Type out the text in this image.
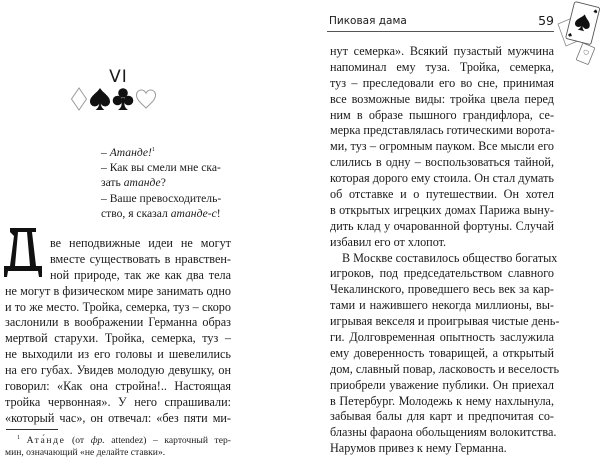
VI
– Атанде!$^1$
– Как вы смели мне ска-
зать атанде?
– Ваше превосходитель-
ство, я сказал атанде-с!
ве неподвижные идеи не могут
вместе существовать в нравствен-
ной природе, так же как два тела
не могут в физическом мире занимать одно
и то же место. Тройка, семерка, туз – скоро
заслонили в воображении Германна образ
мертвой старухи. Тройка, семерка, туз –
не выходили из его головы и шевелились
на его губах. Увидев молодую девушку, он
говорил: «Как она стройна!.. Настоящая
тройка червонная». У него спрашивали:
«который час», он отвечал: «без пяти ми-
$^1$ Ата́нде (от фр. attendez) – карточный тер-
мин, означающий «не делайте ставки».
Пиковая дама	59
нут семерка». Всякий пузастый мужчина
напоминал ему туза. Тройка, семерка,
туз – преследовали его во сне, принимая
все возможные виды: тройка цвела перед
ним в образе пышного грандифлора, се-
мерка представлялась готическими ворота-
ми, туз – огромным пауком. Все мысли его
слились в одну – воспользоваться тайной,
которая дорого ему стоила. Он стал думать
об отставке и о путешествии. Он хотел
в открытых игрецких домах Парижа выну-
дить клад у очарованной фортуны. Случай
избавил его от хлопот.
В Москве составилось общество богатых
игроков, под председательством славного
Чекалинского, проведшего весь век за кар-
тами и нажившего некогда миллионы, вы-
игрывая векселя и проигрывая чистые день-
ги. Долговременная опытность заслужила
ему доверенность товарищей, а открытый
дом, славный повар, ласковость и веселость
приобрели уважение публики. Он приехал
в Петербург. Молодежь к нему нахлынула,
забывая балы для карт и предпочитая со-
блазны фараона обольщениям волокитства.
Нарумов привез к нему Германна.
